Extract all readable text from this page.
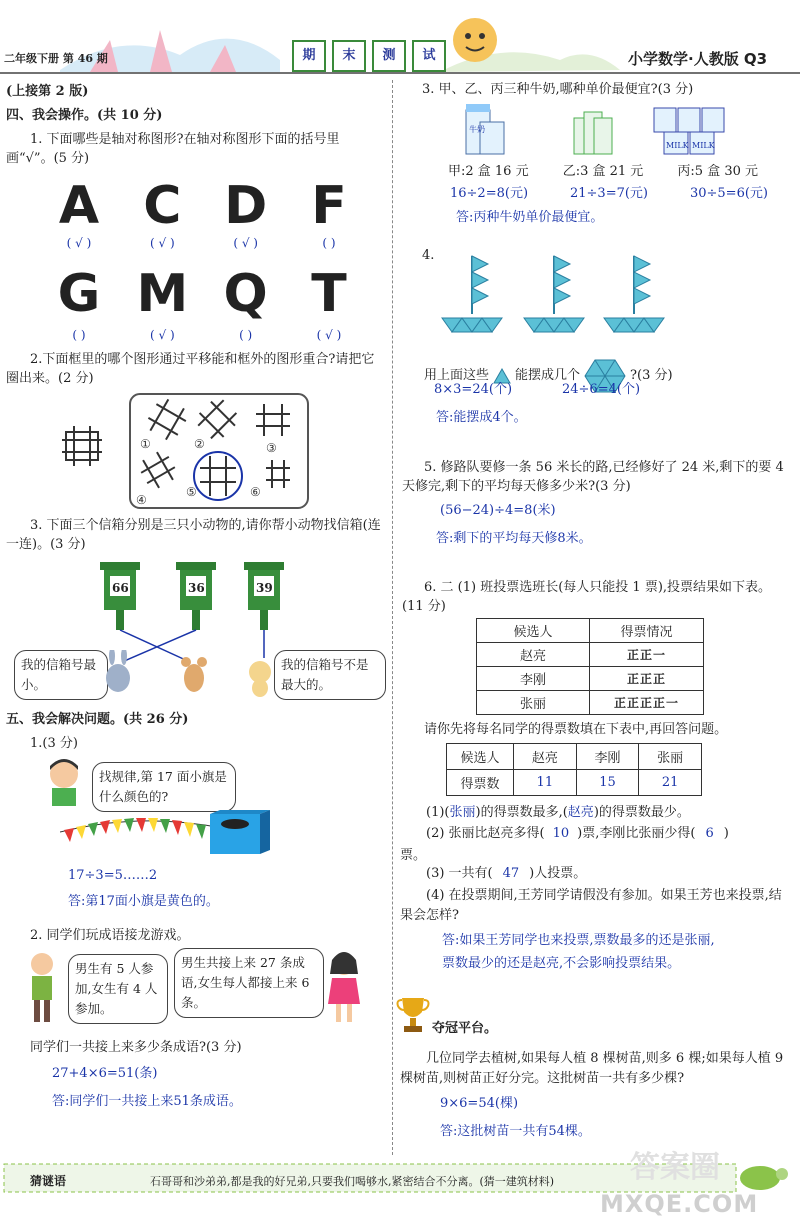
二年级下册 第 46 期	期	末	测	试	小学数学·人教版 Q3
(上接第 2 版)
四、我会操作。(共 10 分)
1. 下面哪些是轴对称图形?在轴对称图形下面的括号里画“√”。(5 分)
A C D F
( √ )	( √ )	( √ )	( )
G M Q T
( )	( √ )	( )	( √ )
2.下面框里的哪个图形通过平移能和框外的图形重合?请把它圈出来。(2 分)
①	②	③
④
⑤	⑥
3. 下面三个信箱分别是三只小动物的,请你帮小动物找信箱(连一连)。(3 分)
66	36	39
我的信箱号最小。
我的信箱号不是最大的。
五、我会解决问题。(共 26 分)
1.(3 分)
找规律,第 17 面小旗是什么颜色的?
17÷3=5……2
答:第17面小旗是黄色的。
2. 同学们玩成语接龙游戏。
男生有 5 人参加,女生有 4 人参加。
男生共接上来 27 条成语,女生每人都接上来 6 条。
同学们一共接上来多少条成语?(3 分)
27+4×6=51(条)
答:同学们一共接上来51条成语。
3. 甲、乙、丙三种牛奶,哪种单价最便宜?(3 分)
牛奶
MILK MILK
甲:2 盒 16 元	乙:3 盒 21 元	丙:5 盒 30 元
16÷2=8(元)	21÷3=7(元)	30÷5=6(元)
答:丙种牛奶单价最便宜。
4.
用上面这些 能摆成几个	?(3 分)
8×3=24(个)	24÷6=4(个)
答:能摆成4个。
5. 修路队要修一条 56 米长的路,已经修好了 24 米,剩下的要 4 天修完,剩下的平均每天修多少米?(3 分)
(56−24)÷4=8(米)
答:剩下的平均每天修8米。
6. 二 (1) 班投票选班长(每人只能投 1 票),投票结果如下表。(11 分)
候选人	得票情况
赵亮	正正一
李刚	正正正
张丽	正正正正一
请你先将每名同学的得票数填在下表中,再回答问题。
候选人	赵亮	李刚	张丽
得票数	11	15	21
(1)(张丽)的得票数最多,(赵亮)的得票数最少。
(2) 张丽比赵亮多得( 10 )票,李刚比张丽少得( 6 )
票。
(3) 一共有( 47 )人投票。
(4) 在投票期间,王芳同学请假没有参加。如果王芳也来投票,结果会怎样?
答:如果王芳同学也来投票,票数最多的还是张丽,
票数最少的还是赵亮,不会影响投票结果。
夺冠平台。
几位同学去植树,如果每人植 8 棵树苗,则多 6 棵;如果每人植 9 棵树苗,则树苗正好分完。这批树苗一共有多少棵?
9×6=54(棵)
答:这批树苗一共有54棵。
猜谜语	石哥哥和沙弟弟,都是我的好兄弟,只要我们喝够水,紧密结合不分离。(猜一建筑材料)
MXQE.COM
答案圈
